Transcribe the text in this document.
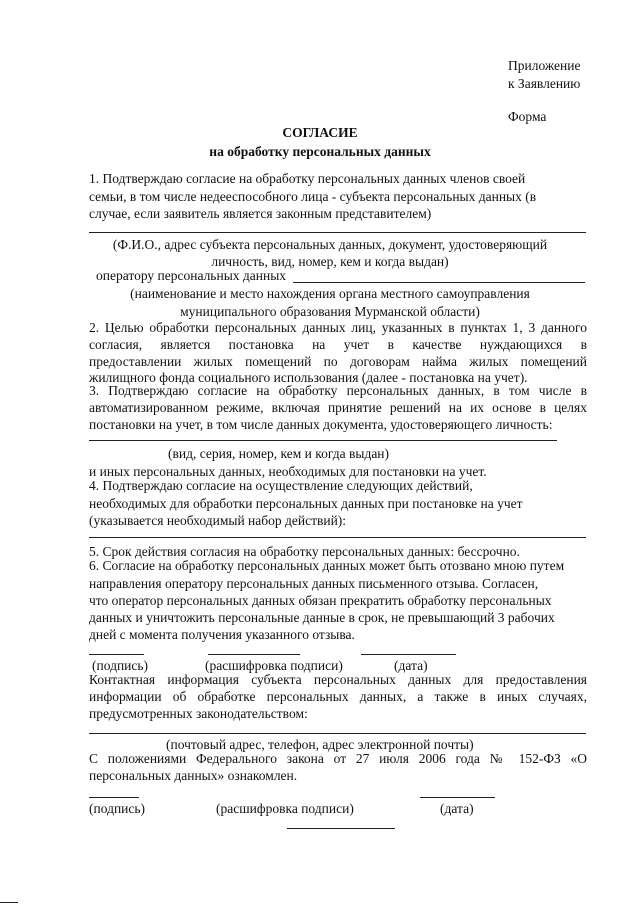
Приложение
к Заявлению
Форма
СОГЛАСИЕ
на обработку персональных данных
1. Подтверждаю согласие на обработку персональных данных членов своей
семьи, в том числе недееспособного лица - субъекта персональных данных (в
случае, если заявитель является законным представителем)
(Ф.И.О., адрес субъекта персональных данных, документ, удостоверяющий
личность, вид, номер, кем и когда выдан)
оператору персональных данных
(наименование и место нахождения органа местного самоуправления
муниципального образования Мурманской области)
2. Целью обработки персональных данных лиц, указанных в пунктах 1, 3 данного
согласия, является постановка на учет в качестве нуждающихся в
предоставлении жилых помещений по договорам найма жилых помещений
жилищного фонда социального использования (далее - постановка на учет).
3. Подтверждаю согласие на обработку персональных данных, в том числе в
автоматизированном режиме, включая принятие решений на их основе в целях
постановки на учет, в том числе данных документа, удостоверяющего личность:
(вид, серия, номер, кем и когда выдан)
и иных персональных данных, необходимых для постановки на учет.
4. Подтверждаю согласие на осуществление следующих действий,
необходимых для обработки персональных данных при постановке на учет
(указывается необходимый набор действий):
5. Срок действия согласия на обработку персональных данных: бессрочно.
6. Согласие на обработку персональных данных может быть отозвано мною путем
направления оператору персональных данных письменного отзыва. Согласен,
что оператор персональных данных обязан прекратить обработку персональных
данных и уничтожить персональные данные в срок, не превышающий 3 рабочих
дней с момента получения указанного отзыва.
(подпись)	(расшифровка подписи)	(дата)
Контактная информация субъекта персональных данных для предоставления
информации об обработке персональных данных, а также в иных случаях,
предусмотренных законодательством:
(почтовый адрес, телефон, адрес электронной почты)
С положениями Федерального закона от 27 июля 2006 года № 152-ФЗ «О
персональных данных» ознакомлен.
(подпись)	(расшифровка подписи)	(дата)
